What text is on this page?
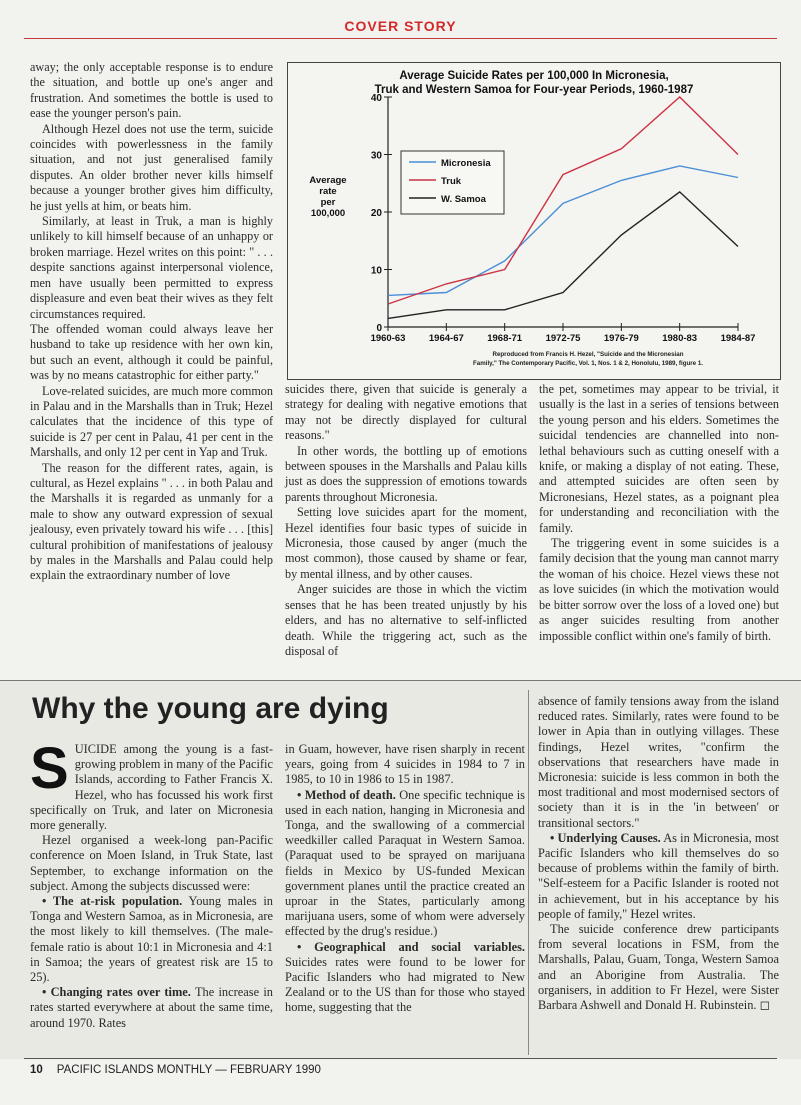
COVER STORY

away; the only acceptable response is to endure the situation, and bottle up one's anger and frustration. And sometimes the bottle is used to ease the younger person's pain.

Although Hezel does not use the term, suicide coincides with powerlessness in the family situation, and not just generalised family disputes. An older brother never kills himself because a younger brother gives him difficulty, he just yells at him, or beats him.

Similarly, at least in Truk, a man is highly unlikely to kill himself because of an unhappy or broken marriage. Hezel writes on this point: " . . . despite sanctions against interpersonal violence, men have usually been permitted to express displeasure and even beat their wives as they felt circumstances required.

The offended woman could always leave her husband to take up residence with her own kin, but such an event, although it could be painful, was by no means catastrophic for either party."

Love-related suicides, are much more common in Palau and in the Marshalls than in Truk; Hezel calculates that the incidence of this type of suicide is 27 per cent in Palau, 41 per cent in the Marshalls, and only 12 per cent in Yap and Truk.

The reason for the different rates, again, is cultural, as Hezel explains " . . . in both Palau and the Marshalls it is regarded as unmanly for a male to show any outward expression of sexual jealousy, even privately toward his wife . . . [this] cultural prohibition of manifestations of jealousy by males in the Marshalls and Palau could help explain the extraordinary number of love

Average Suicide Rates per 100,000 In Micronesia,
Truk and Western Samoa for Four-year Periods, 1960-1987
0
10
20
30
40
1960-63 1964-67 1968-71 1972-75 1976-79 1980-83 1984-87
Average
rate
per
100,000
Micronesia
Truk
W. Samoa
Reproduced from Francis H. Hezel, "Suicide and the Micronesian
Family," The Contemporary Pacific, Vol. 1, Nos. 1 & 2, Honolulu, 1989, figure 1.

suicides there, given that suicide is generaly a strategy for dealing with negative emotions that may not be directly displayed for cultural reasons."

In other words, the bottling up of emotions between spouses in the Marshalls and Palau kills just as does the suppression of emotions towards parents throughout Micronesia.

Setting love suicides apart for the moment, Hezel identifies four basic types of suicide in Micronesia, those caused by anger (much the most common), those caused by shame or fear, by mental illness, and by other causes.

Anger suicides are those in which the victim senses that he has been treated unjustly by his elders, and has no alternative to self-inflicted death. While the triggering act, such as the disposal of

the pet, sometimes may appear to be trivial, it usually is the last in a series of tensions between the young person and his elders. Sometimes the suicidal tendencies are channelled into non-lethal behaviours such as cutting oneself with a knife, or making a display of not eating. These, and attempted suicides are often seen by Micronesians, Hezel states, as a poignant plea for understanding and reconciliation with the family.

The triggering event in some suicides is a family decision that the young man cannot marry the woman of his choice. Hezel views these not as love suicides (in which the motivation would be bitter sorrow over the loss of a loved one) but as anger suicides resulting from another impossible conflict within one's family of birth.

Why the young are dying

SUICIDE among the young is a fast-growing problem in many of the Pacific Islands, according to Father Francis X. Hezel, who has focussed his work first specifically on Truk, and later on Micronesia more generally.

Hezel organised a week-long pan-Pacific conference on Moen Island, in Truk State, last September, to exchange information on the subject. Among the subjects discussed were:

• The at-risk population. Young males in Tonga and Western Samoa, as in Micronesia, are the most likely to kill themselves. (The male-female ratio is about 10:1 in Micronesia and 4:1 in Samoa; the years of greatest risk are 15 to 25).

• Changing rates over time. The increase in rates started everywhere at about the same time, around 1970. Rates

in Guam, however, have risen sharply in recent years, going from 4 suicides in 1984 to 7 in 1985, to 10 in 1986 to 15 in 1987.

• Method of death. One specific technique is used in each nation, hanging in Micronesia and Tonga, and the swallowing of a commercial weedkiller called Paraquat in Western Samoa. (Paraquat used to be sprayed on marijuana fields in Mexico by US-funded Mexican government planes until the practice created an uproar in the States, particularly among marijuana users, some of whom were adversely effected by the drug's residue.)

• Geographical and social variables. Suicides rates were found to be lower for Pacific Islanders who had migrated to New Zealand or to the US than for those who stayed home, suggesting that the

absence of family tensions away from the island reduced rates. Similarly, rates were found to be lower in Apia than in outlying villages. These findings, Hezel writes, "confirm the observations that researchers have made in Micronesia: suicide is less common in both the most traditional and most modernised sectors of society than it is in the 'in between' or transitional sectors."

• Underlying Causes. As in Micronesia, most Pacific Islanders who kill themselves do so because of problems within the family of birth. "Self-esteem for a Pacific Islander is rooted not in achievement, but in his acceptance by his people of family," Hezel writes.

The suicide conference drew participants from several locations in FSM, from the Marshalls, Palau, Guam, Tonga, Western Samoa and an Aborigine from Australia. The organisers, in addition to Fr Hezel, were Sister Barbara Ashwell and Donald H. Rubinstein. ◻

10 PACIFIC ISLANDS MONTHLY — FEBRUARY 1990
